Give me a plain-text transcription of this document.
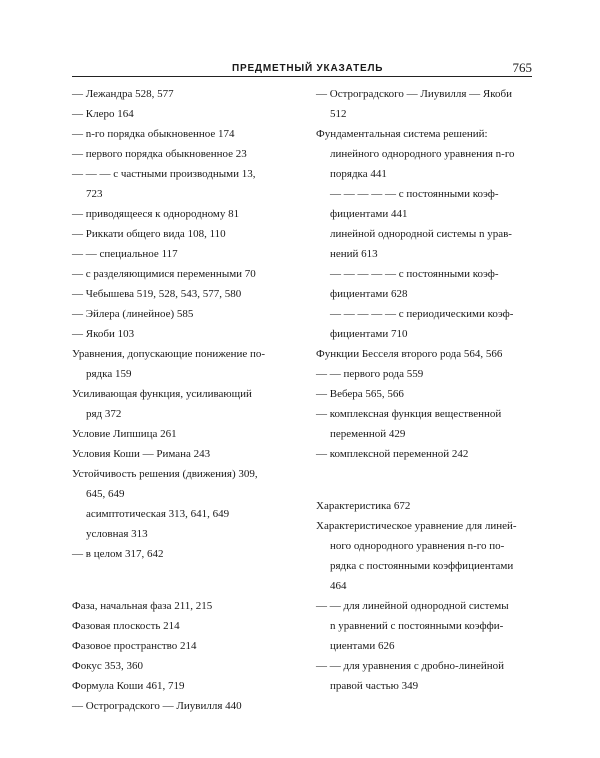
ПРЕДМЕТНЫЙ УКАЗАТЕЛЬ	765
— Лежандра 528, 577
— Клеро 164
— n-го порядка обыкновенное 174
— первого порядка обыкновенное 23
— — — с частными производными 13,
723
— приводящееся к однородному 81
— Риккати общего вида 108, 110
— — специальное 117
— с разделяющимися переменными 70
— Чебышева 519, 528, 543, 577, 580
— Эйлера (линейное) 585
— Якоби 103
Уравнения, допускающие понижение по-
рядка 159
Усиливающая функция, усиливающий
ряд 372
Условие Липшица 261
Условия Коши — Римана 243
Устойчивость решения (движения) 309,
645, 649
асимптотическая 313, 641, 649
условная 313
— в целом 317, 642
Фаза, начальная фаза 211, 215
Фазовая плоскость 214
Фазовое пространство 214
Фокус 353, 360
Формула Коши 461, 719
— Остроградского — Лиувилля 440
— Остроградского — Лиувилля — Якоби
512
Фундаментальная система решений:
линейного однородного уравнения n-го
порядка 441
— — — — — с постоянными коэф-
фициентами 441
линейной однородной системы n урав-
нений 613
— — — — — с постоянными коэф-
фициентами 628
— — — — — с периодическими коэф-
фициентами 710
Функции Бесселя второго рода 564, 566
— — первого рода 559
— Вебера 565, 566
— комплексная функция вещественной
переменной 429
— комплексной переменной 242
Характеристика 672
Характеристическое уравнение для линей-
ного однородного уравнения n-го по-
рядка с постоянными коэффициентами
464
— — для линейной однородной системы
n уравнений с постоянными коэффи-
циентами 626
— — для уравнения с дробно-линейной
правой частью 349
